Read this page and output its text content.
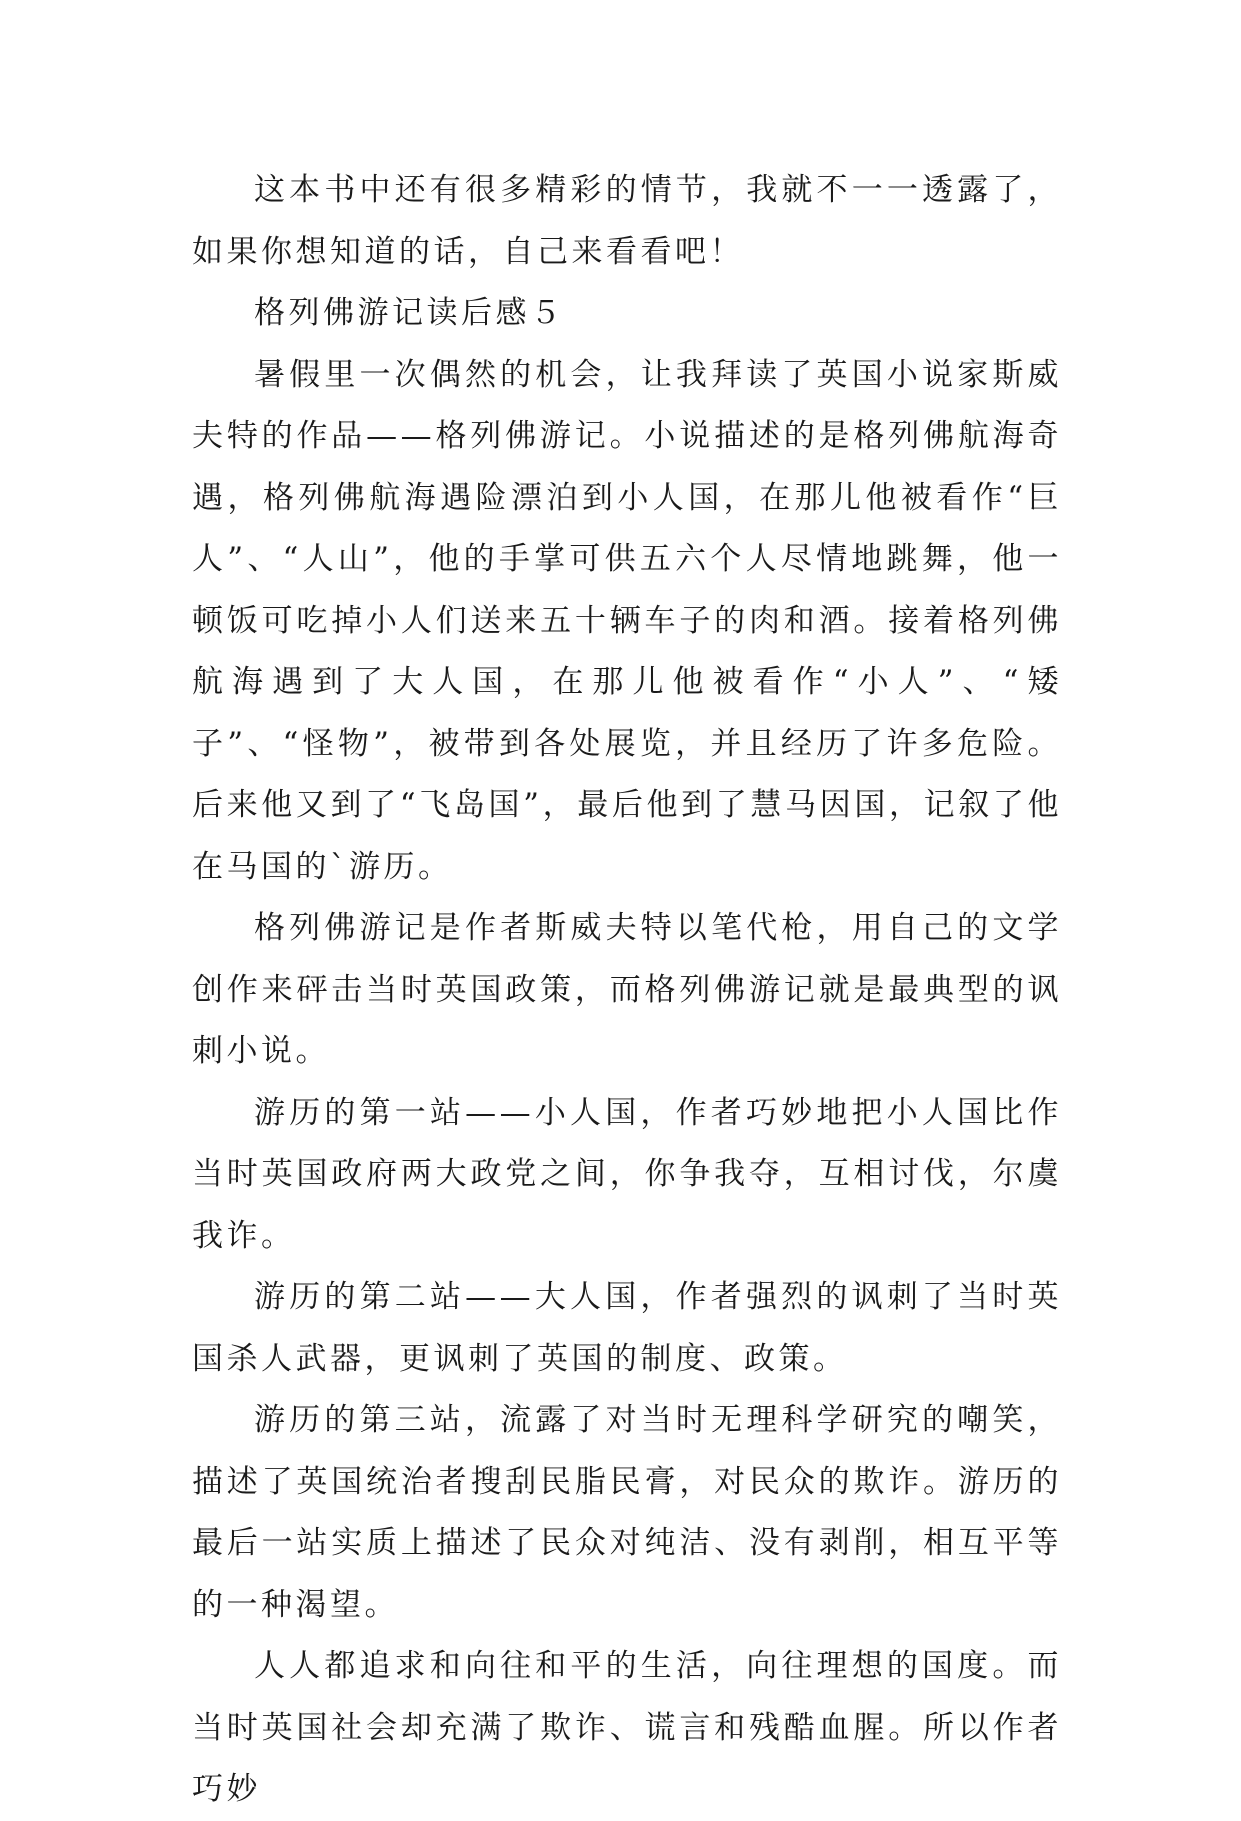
这本书中还有很多精彩的情节，我就不一一透露了，如果你想知道的话，自己来看看吧！

格列佛游记读后感５

暑假里一次偶然的机会，让我拜读了英国小说家斯威夫特的作品——格列佛游记。小说描述的是格列佛航海奇遇，格列佛航海遇险漂泊到小人国，在那儿他被看作“巨人”、“人山”，他的手掌可供五六个人尽情地跳舞，他一顿饭可吃掉小人们送来五十辆车子的肉和酒。接着格列佛航海遇到了大人国，在那儿他被看作“小人”、“矮子”、“怪物”，被带到各处展览，并且经历了许多危险。后来他又到了“飞岛国”，最后他到了慧马因国，记叙了他在马国的`游历。

格列佛游记是作者斯威夫特以笔代枪，用自己的文学创作来砰击当时英国政策，而格列佛游记就是最典型的讽刺小说。

游历的第一站——小人国，作者巧妙地把小人国比作当时英国政府两大政党之间，你争我夺，互相讨伐，尔虞我诈。

游历的第二站——大人国，作者强烈的讽刺了当时英国杀人武器，更讽刺了英国的制度、政策。

游历的第三站，流露了对当时无理科学研究的嘲笑，描述了英国统治者搜刮民脂民膏，对民众的欺诈。游历的最后一站实质上描述了民众对纯洁、没有剥削，相互平等的一种渴望。

人人都追求和向往和平的生活，向往理想的国度。而当时英国社会却充满了欺诈、谎言和残酷血腥。所以作者巧妙
